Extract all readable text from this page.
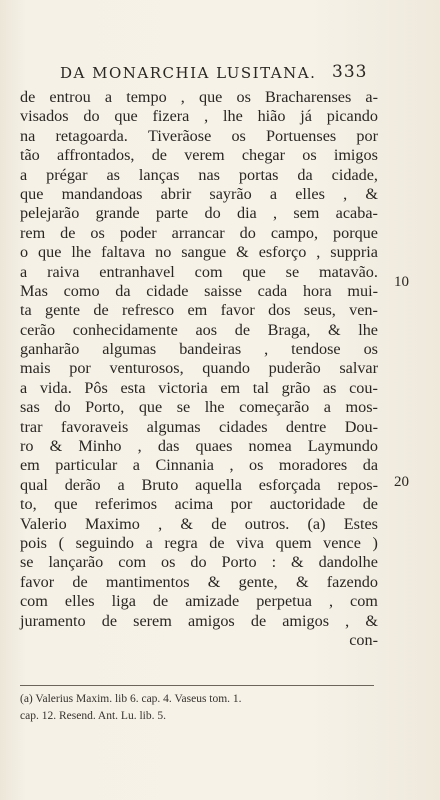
DA MONARCHIA LUSITANA. 333
de entrou a tempo , que os Bracharenses a-
visados do que fizera , lhe hião já picando
na retagoarda. Tiverãose os Portuenses por
tão affrontados, de verem chegar os imigos
a prégar as lanças nas portas da cidade,
que mandandoas abrir sayrão a elles , &
pelejarão grande parte do dia , sem acaba-
rem de os poder arrancar do campo, porque
o que lhe faltava no sangue & esforço , suppria
a raiva entranhavel com que se matavão.
Mas como da cidade saisse cada hora mui-
ta gente de refresco em favor dos seus, ven-
cerão conhecidamente aos de Braga, & lhe
ganharão algumas bandeiras , tendose os
mais por venturosos, quando puderão salvar
a vida. Pôs esta victoria em tal grão as cou-
sas do Porto, que se lhe começarão a mos-
trar favoraveis algumas cidades dentre Dou-
ro & Minho , das quaes nomea Laymundo
em particular a Cinnania , os moradores da
qual derão a Bruto aquella esforçada repos-
to, que referimos acima por auctoridade de
Valerio Maximo , & de outros. (a) Estes
pois ( seguindo a regra de viva quem vence )
se lançarão com os do Porto : & dandolhe
favor de mantimentos & gente, & fazendo
com elles liga de amizade perpetua , com
juramento de serem amigos de amigos , &
con-
10
20
(a) Valerius Maxim. lib 6. cap. 4. Vaseus tom. 1.
cap. 12. Resend. Ant. Lu. lib. 5.
